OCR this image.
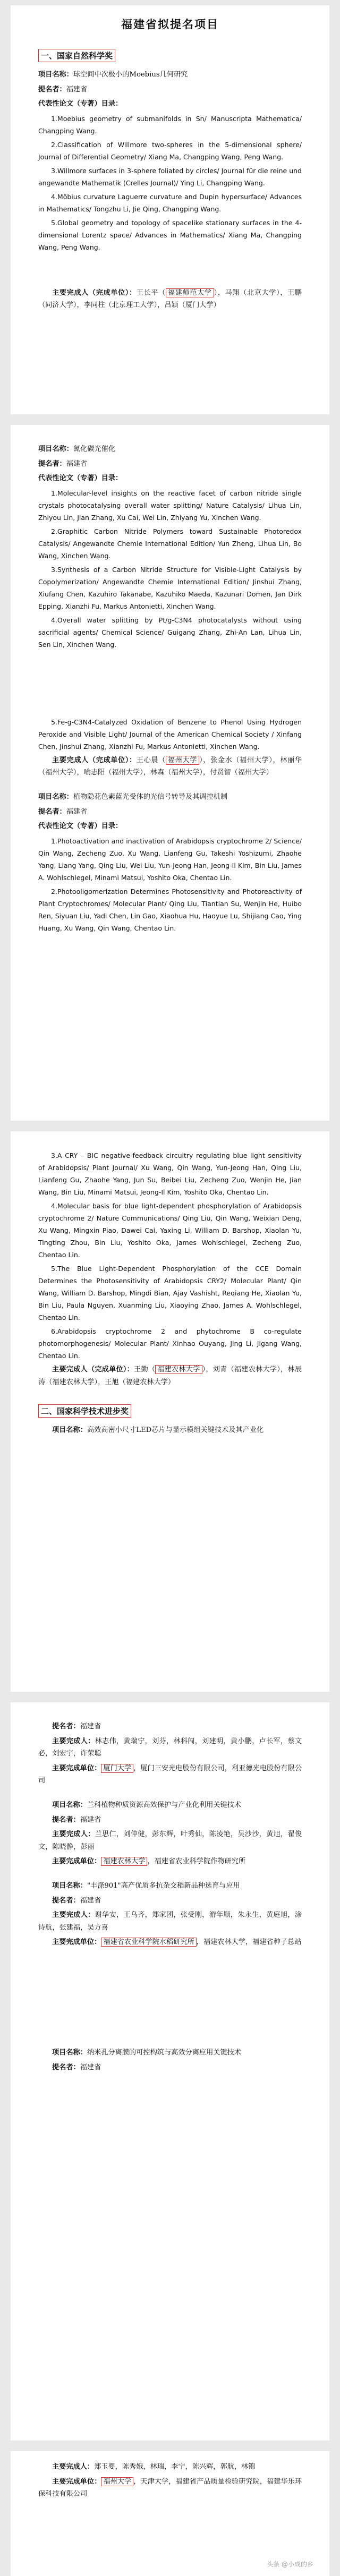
福建省拟提名项目
一、国家自然科学奖

项目名称：球空间中次极小的Moebius几何研究

提名者：福建省

代表性论文（专著）目录：

1.Moebius geometry of submanifolds in Sn/ Manuscripta Mathematica/ Changping Wang.

2.Classification of Willmore two-spheres in the 5-dimensional sphere/ Journal of Differential Geometry/ Xiang Ma, Changping Wang, Peng Wang.

3.Willmore surfaces in 3-sphere foliated by circles/ Journal für die reine und angewandte Mathematik (Crelles Journal)/ Ying Li, Changping Wang.

4.Möbius curvature Laguerre curvature and Dupin hypersurface/ Advances in Mathematics/ Tongzhu Li, Jie Qing, Changping Wang.

5.Global geometry and topology of spacelike stationary surfaces in the 4-dimensional Lorentz space/ Advances in Mathematics/ Xiang Ma, Changping Wang, Peng Wang.

主要完成人（完成单位）：王长平（ 福建师范大学 ），马翔（北京大学），王鹏（同济大学），李同柱（北京理工大学），吕颖（厦门大学）

项目名称：氮化碳光催化

提名者：福建省

代表性论文（专著）目录：

1.Molecular-level insights on the reactive facet of carbon nitride single crystals photocatalysing overall water splitting/ Nature Catalysis/ Lihua Lin, Zhiyou Lin, Jian Zhang, Xu Cai, Wei Lin, Zhiyang Yu, Xinchen Wang.

2.Graphitic Carbon Nitride Polymers toward Sustainable Photoredox Catalysis/ Angewandte Chemie International Edition/ Yun Zheng, Lihua Lin, Bo Wang, Xinchen Wang.

3.Synthesis of a Carbon Nitride Structure for Visible-Light Catalysis by Copolymerization/ Angewandte Chemie International Edition/ Jinshui Zhang, Xiufang Chen, Kazuhiro Takanabe, Kazuhiko Maeda, Kazunari Domen, Jan Dirk Epping, Xianzhi Fu, Markus Antonietti, Xinchen Wang.

4.Overall water splitting by Pt/g-C3N4 photocatalysts without using sacrificial agents/ Chemical Science/ Guigang Zhang, Zhi-An Lan, Lihua Lin, Sen Lin, Xinchen Wang.

5.Fe-g-C3N4-Catalyzed Oxidation of Benzene to Phenol Using Hydrogen Peroxide and Visible Light/ Journal of the American Chemical Society / Xinfang Chen, Jinshui Zhang, Xianzhi Fu, Markus Antonietti, Xinchen Wang.

主要完成人（完成单位）：王心晨（ 福州大学 ），张金水（福州大学），林丽华（福州大学），喻志阳（福州大学），林森（福州大学），付贤智（福州大学）

项目名称：植物隐花色素蓝光受体的光信号转导及其调控机制

提名者：福建省

代表性论文（专著）目录：

1.Photoactivation and inactivation of Arabidopsis cryptochrome 2/ Science/ Qin Wang, Zecheng Zuo, Xu Wang, Lianfeng Gu, Takeshi Yoshizumi, Zhaohe Yang, Liang Yang, Qing Liu, Wei Liu, Yun-Jeong Han, Jeong-Il Kim, Bin Liu, James A. Wohlschlegel, Minami Matsui, Yoshito Oka, Chentao Lin.

2.Photooligomerization Determines Photosensitivity and Photoreactivity of Plant Cryptochromes/ Molecular Plant/ Qing Liu, Tiantian Su, Wenjin He, Huibo Ren, Siyuan Liu, Yadi Chen, Lin Gao, Xiaohua Hu, Haoyue Lu, Shijiang Cao, Ying Huang, Xu Wang, Qin Wang, Chentao Lin.

3.A CRY – BIC negative-feedback circuitry regulating blue light sensitivity of Arabidopsis/ Plant Journal/ Xu Wang, Qin Wang, Yun-Jeong Han, Qing Liu, Lianfeng Gu, Zhaohe Yang, Jun Su, Beibei Liu, Zecheng Zuo, Wenjin He, Jian Wang, Bin Liu, Minami Matsui, Jeong-Il Kim, Yoshito Oka, Chentao Lin.

4.Molecular basis for blue light-dependent phosphorylation of Arabidopsis cryptochrome 2/ Nature Communications/ Qing Liu, Qin Wang, Weixian Deng, Xu Wang, Mingxin Piao, Dawei Cai, Yaxing Li, William D. Barshop, Xiaolan Yu, Tingting Zhou, Bin Liu, Yoshito Oka, James Wohlschlegel, Zecheng Zuo, Chentao Lin.

5.The Blue Light-Dependent Phosphorylation of the CCE Domain Determines the Photosensitivity of Arabidopsis CRY2/ Molecular Plant/ Qin Wang, William D. Barshop, Mingdi Bian, Ajay Vashisht, Reqiang He, Xiaolan Yu, Bin Liu, Paula Nguyen, Xuanming Liu, Xiaoying Zhao, James A. Wohlschlegel, Chentao Lin.

6.Arabidopsis cryptochrome 2 and phytochrome B co-regulate photomorphogenesis/ Molecular Plant/ Xinhao Ouyang, Jing Li, Jigang Wang, Chentao Lin.

主要完成人（完成单位）：王勤（ 福建农林大学 ），刘青（福建农林大学），林辰涛（福建农林大学），王旭（福建农林大学）

二、国家科学技术进步奖

项目名称：高效高密小尺寸LED芯片与显示模组关键技术及其产业化

提名者：福建省

主要完成人：林志伟，黄瑞宁，刘芬，林科闯，刘建明，黄小鹏，卢长军，蔡文必，刘宏宇，许荣聪

主要完成单位： 厦门大学 ，厦门三安光电股份有限公司，利亚德光电股份有限公司

项目名称：兰科植物种质资源高效保护与产业化利用关键技术

提名者：福建省

主要完成人：兰思仁，刘仲健，彭东辉，叶秀仙，陈凌艳，吴沙沙，黄旭，翟俊文，陈晓静，彭丽

主要完成单位： 福建农林大学 ，福建省农业科学院作物研究所

项目名称："丰涤901"高产优质多抗杂交稻新品种选育与应用

提名者：福建省

主要完成人：谢华安，王乌齐，郑家团，张受刚，游年顺，朱永生，黄庭旭，涂诗航，张建福，吴方喜

主要完成单位： 福建省农业科学院水稻研究所 ，福建农林大学，福建省种子总站

项目名称：纳米孔分离膜的可控构筑与高效分离应用关键技术

提名者：福建省

主要完成人：郑玉婴，陈秀娥，林瑞，李宁，陈兴辉，郭航，林锦

主要完成单位： 福州大学 ，天津大学，福建省产品质量检验研究院，福建华乐环保科技有限公司

头条 @小成的乡
